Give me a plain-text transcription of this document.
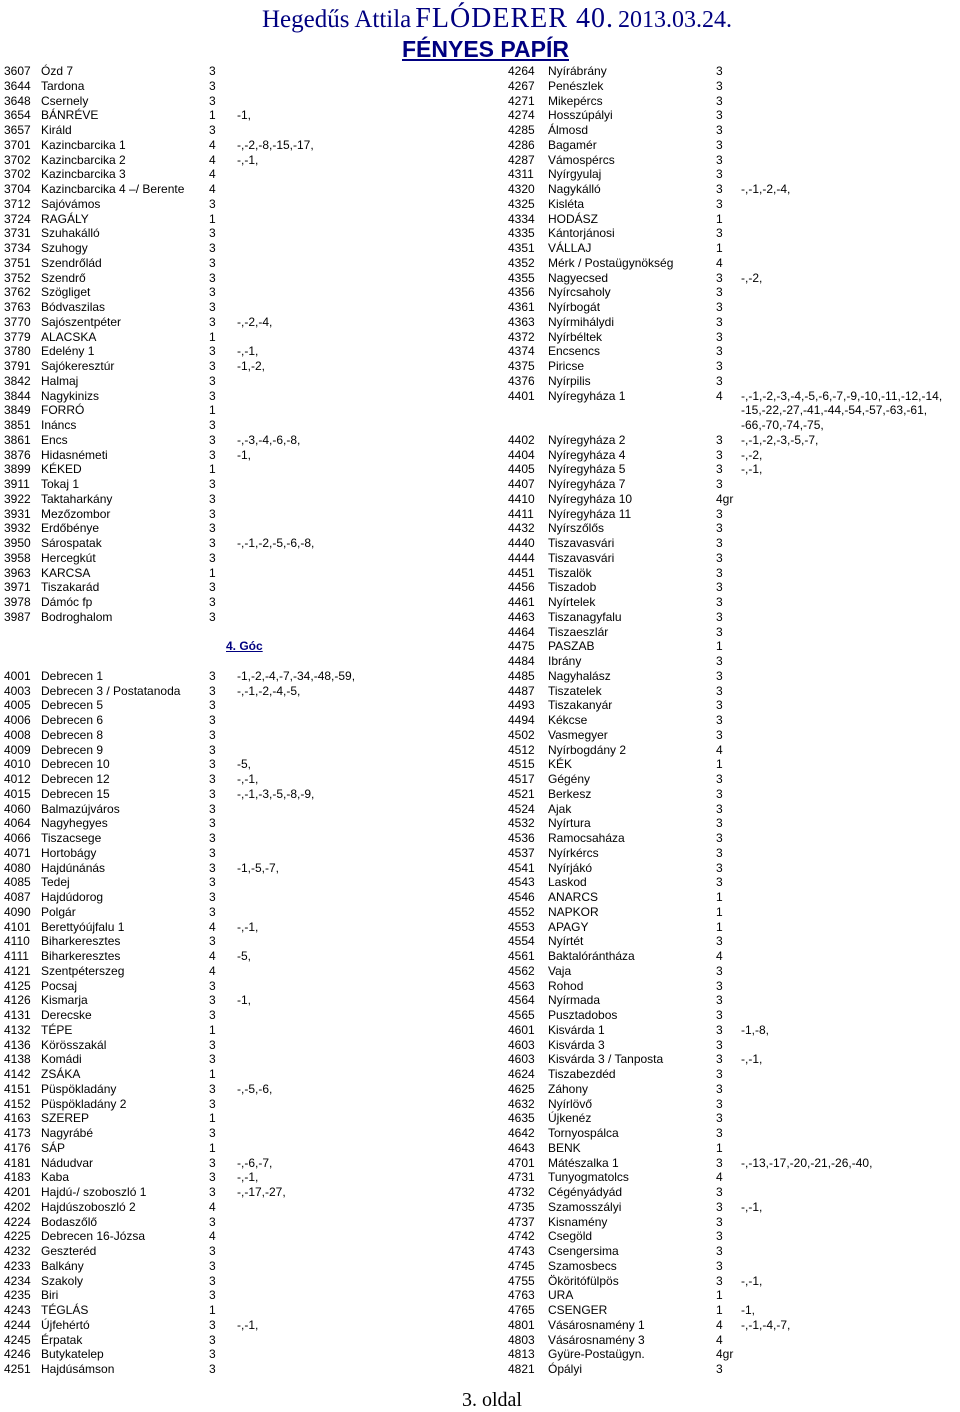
Hegedűs Attila FLÓDERER 40. 2013.03.24.
FÉNYES PAPÍR
3607 Ózd 7	3
3644 Tardona	3
3648 Csernely	3
3654 BÁNRÉVE	1 -1,
3657 Királd	3
3701 Kazincbarcika 1	4 -,-2,-8,-15,-17,
3702 Kazincbarcika 2	4 -,-1,
3702 Kazincbarcika 3	4
3704 Kazincbarcika 4 –/ Berente 4
3712 Sajóvámos	3
3724 RAGÁLY	1
3731 Szuhakálló	3
3734 Szuhogy	3
3751 Szendrőlád	3
3752 Szendrő	3
3762 Szögliget	3
3763 Bódvaszilas	3
3770 Sajószentpéter	3 -,-2,-4,
3779 ALACSKA	1
3780 Edelény 1	3 -,-1,
3791 Sajókeresztúr	3 -1,-2,
3842 Halmaj	3
3844 Nagykinizs	3
3849 FORRÓ	1
3851 Ináncs	3
3861 Encs	3 -,-3,-4,-6,-8,
3876 Hidasnémeti	3 -1,
3899 KÉKED	1
3911 Tokaj 1	3
3922 Taktaharkány	3
3931 Mezőzombor	3
3932 Erdőbénye	3
3950 Sárospatak	3 -,-1,-2,-5,-6,-8,
3958 Hercegkút	3
3963 KARCSA	1
3971 Tiszakarád	3
3978 Dámóc fp	3
3987 Bodroghalom	3
4. Góc
4001 Debrecen 1	3 -1,-2,-4,-7,-34,-48,-59,
4003 Debrecen 3 / Postatanoda 3 -,-1,-2,-4,-5,
4005 Debrecen 5	3
4006 Debrecen 6	3
4008 Debrecen 8	3
4009 Debrecen 9	3
4010 Debrecen 10	3 -5,
4012 Debrecen 12	3 -,-1,
4015 Debrecen 15	3 -,-1,-3,-5,-8,-9,
4060 Balmazújváros	3
4064 Nagyhegyes	3
4066 Tiszacsege	3
4071 Hortobágy	3
4080 Hajdúnánás	3 -1,-5,-7,
4085 Tedej	3
4087 Hajdúdorog	3
4090 Polgár	3
4101 Berettyóújfalu 1	4 -,-1,
4110 Biharkeresztes	3
4111 Biharkeresztes	4 -5,
4121 Szentpéterszeg	4
4125 Pocsaj	3
4126 Kismarja	3 -1,
4131 Derecske	3
4132 TÉPE	1
4136 Körösszakál	3
4138 Komádi	3
4142 ZSÁKA	1
4151 Püspökladány	3 -,-5,-6,
4152 Püspökladány 2	3
4163 SZEREP	1
4173 Nagyrábé	3
4176 SÁP	1
4181 Nádudvar	3 -,-6,-7,
4183 Kaba	3 -,-1,
4201 Hajdú-/ szoboszló 1	3 -,-17,-27,
4202 Hajdúszoboszló 2	4
4224 Bodaszőlő	3
4225 Debrecen 16-Józsa	4
4232 Geszteréd	3
4233 Balkány	3
4234 Szakoly	3
4235 Biri	3
4243 TÉGLÁS	1
4244 Újfehértó	3 -,-1,
4245 Érpatak	3
4246 Butykatelep	3
4251 Hajdúsámson	3
4264 Nyírábrány	3
4267 Penészlek	3
4271 Mikepércs	3
4274 Hosszúpályi	3
4285 Álmosd	3
4286 Bagamér	3
4287 Vámospércs	3
4311 Nyírgyulaj	3
4320 Nagykálló	3 -,-1,-2,-4,
4325 Kisléta	3
4334 HODÁSZ	1
4335 Kántorjánosi	3
4351 VÁLLAJ	1
4352 Mérk / Postaügynökség	4
4355 Nagyecsed	3 -,-2,
4356 Nyírcsaholy	3
4361 Nyírbogát	3
4363 Nyírmihálydi	3
4372 Nyírbéltek	3
4374 Encsencs	3
4375 Piricse	3
4376 Nyírpilis	3
4401 Nyíregyháza 1	4 -,-1,-2,-3,-4,-5,-6,-7,-9,-10,-11,-12,-14,
-15,-22,-27,-41,-44,-54,-57,-63,-61,
-66,-70,-74,-75,
4402 Nyíregyháza 2	3 -,-1,-2,-3,-5,-7,
4404 Nyíregyháza 4	3 -,-2,
4405 Nyíregyháza 5	3 -,-1,
4407 Nyíregyháza 7	3
4410 Nyíregyháza 10	4gr
4411 Nyíregyháza 11	3
4432 Nyírszőlős	3
4440 Tiszavasvári	3
4444 Tiszavasvári	3
4451 Tiszalök	3
4456 Tiszadob	3
4461 Nyírtelek	3
4463 Tiszanagyfalu	3
4464 Tiszaeszlár	3
4475 PASZAB	1
4484 Ibrány	3
4485 Nagyhalász	3
4487 Tiszatelek	3
4493 Tiszakanyár	3
4494 Kékcse	3
4502 Vasmegyer	3
4512 Nyírbogdány 2	4
4515 KÉK	1
4517 Gégény	3
4521 Berkesz	3
4524 Ajak	3
4532 Nyírtura	3
4536 Ramocsaháza	3
4537 Nyírkércs	3
4541 Nyírjákó	3
4543 Laskod	3
4546 ANARCS	1
4552 NAPKOR	1
4553 APAGY	1
4554 Nyírtét	3
4561 Baktalórántháza	4
4562 Vaja	3
4563 Rohod	3
4564 Nyírmada	3
4565 Pusztadobos	3
4601 Kisvárda 1	3 -1,-8,
4603 Kisvárda 3	3
4603 Kisvárda 3 / Tanposta	3 -,-1,
4624 Tiszabezdéd	3
4625 Záhony	3
4632 Nyírlövő	3
4635 Újkenéz	3
4642 Tornyospálca	3
4643 BENK	1
4701 Mátészalka 1	3 -,-13,-17,-20,-21,-26,-40,
4731 Tunyogmatolcs	4
4732 Cégényádyád	3
4735 Szamosszályi	3 -,-1,
4737 Kisnamény	3
4742 Csegöld	3
4743 Csengersima	3
4745 Szamosbecs	3
4755 Ököritófülpös	3 -,-1,
4763 URA	1
4765 CSENGER	1 -1,
4801 Vásárosnamény 1	4 -,-1,-4,-7,
4803 Vásárosnamény 3	4
4813 Gyüre-Postaügyn.	4gr
4821 Ópályi	3
3. oldal
